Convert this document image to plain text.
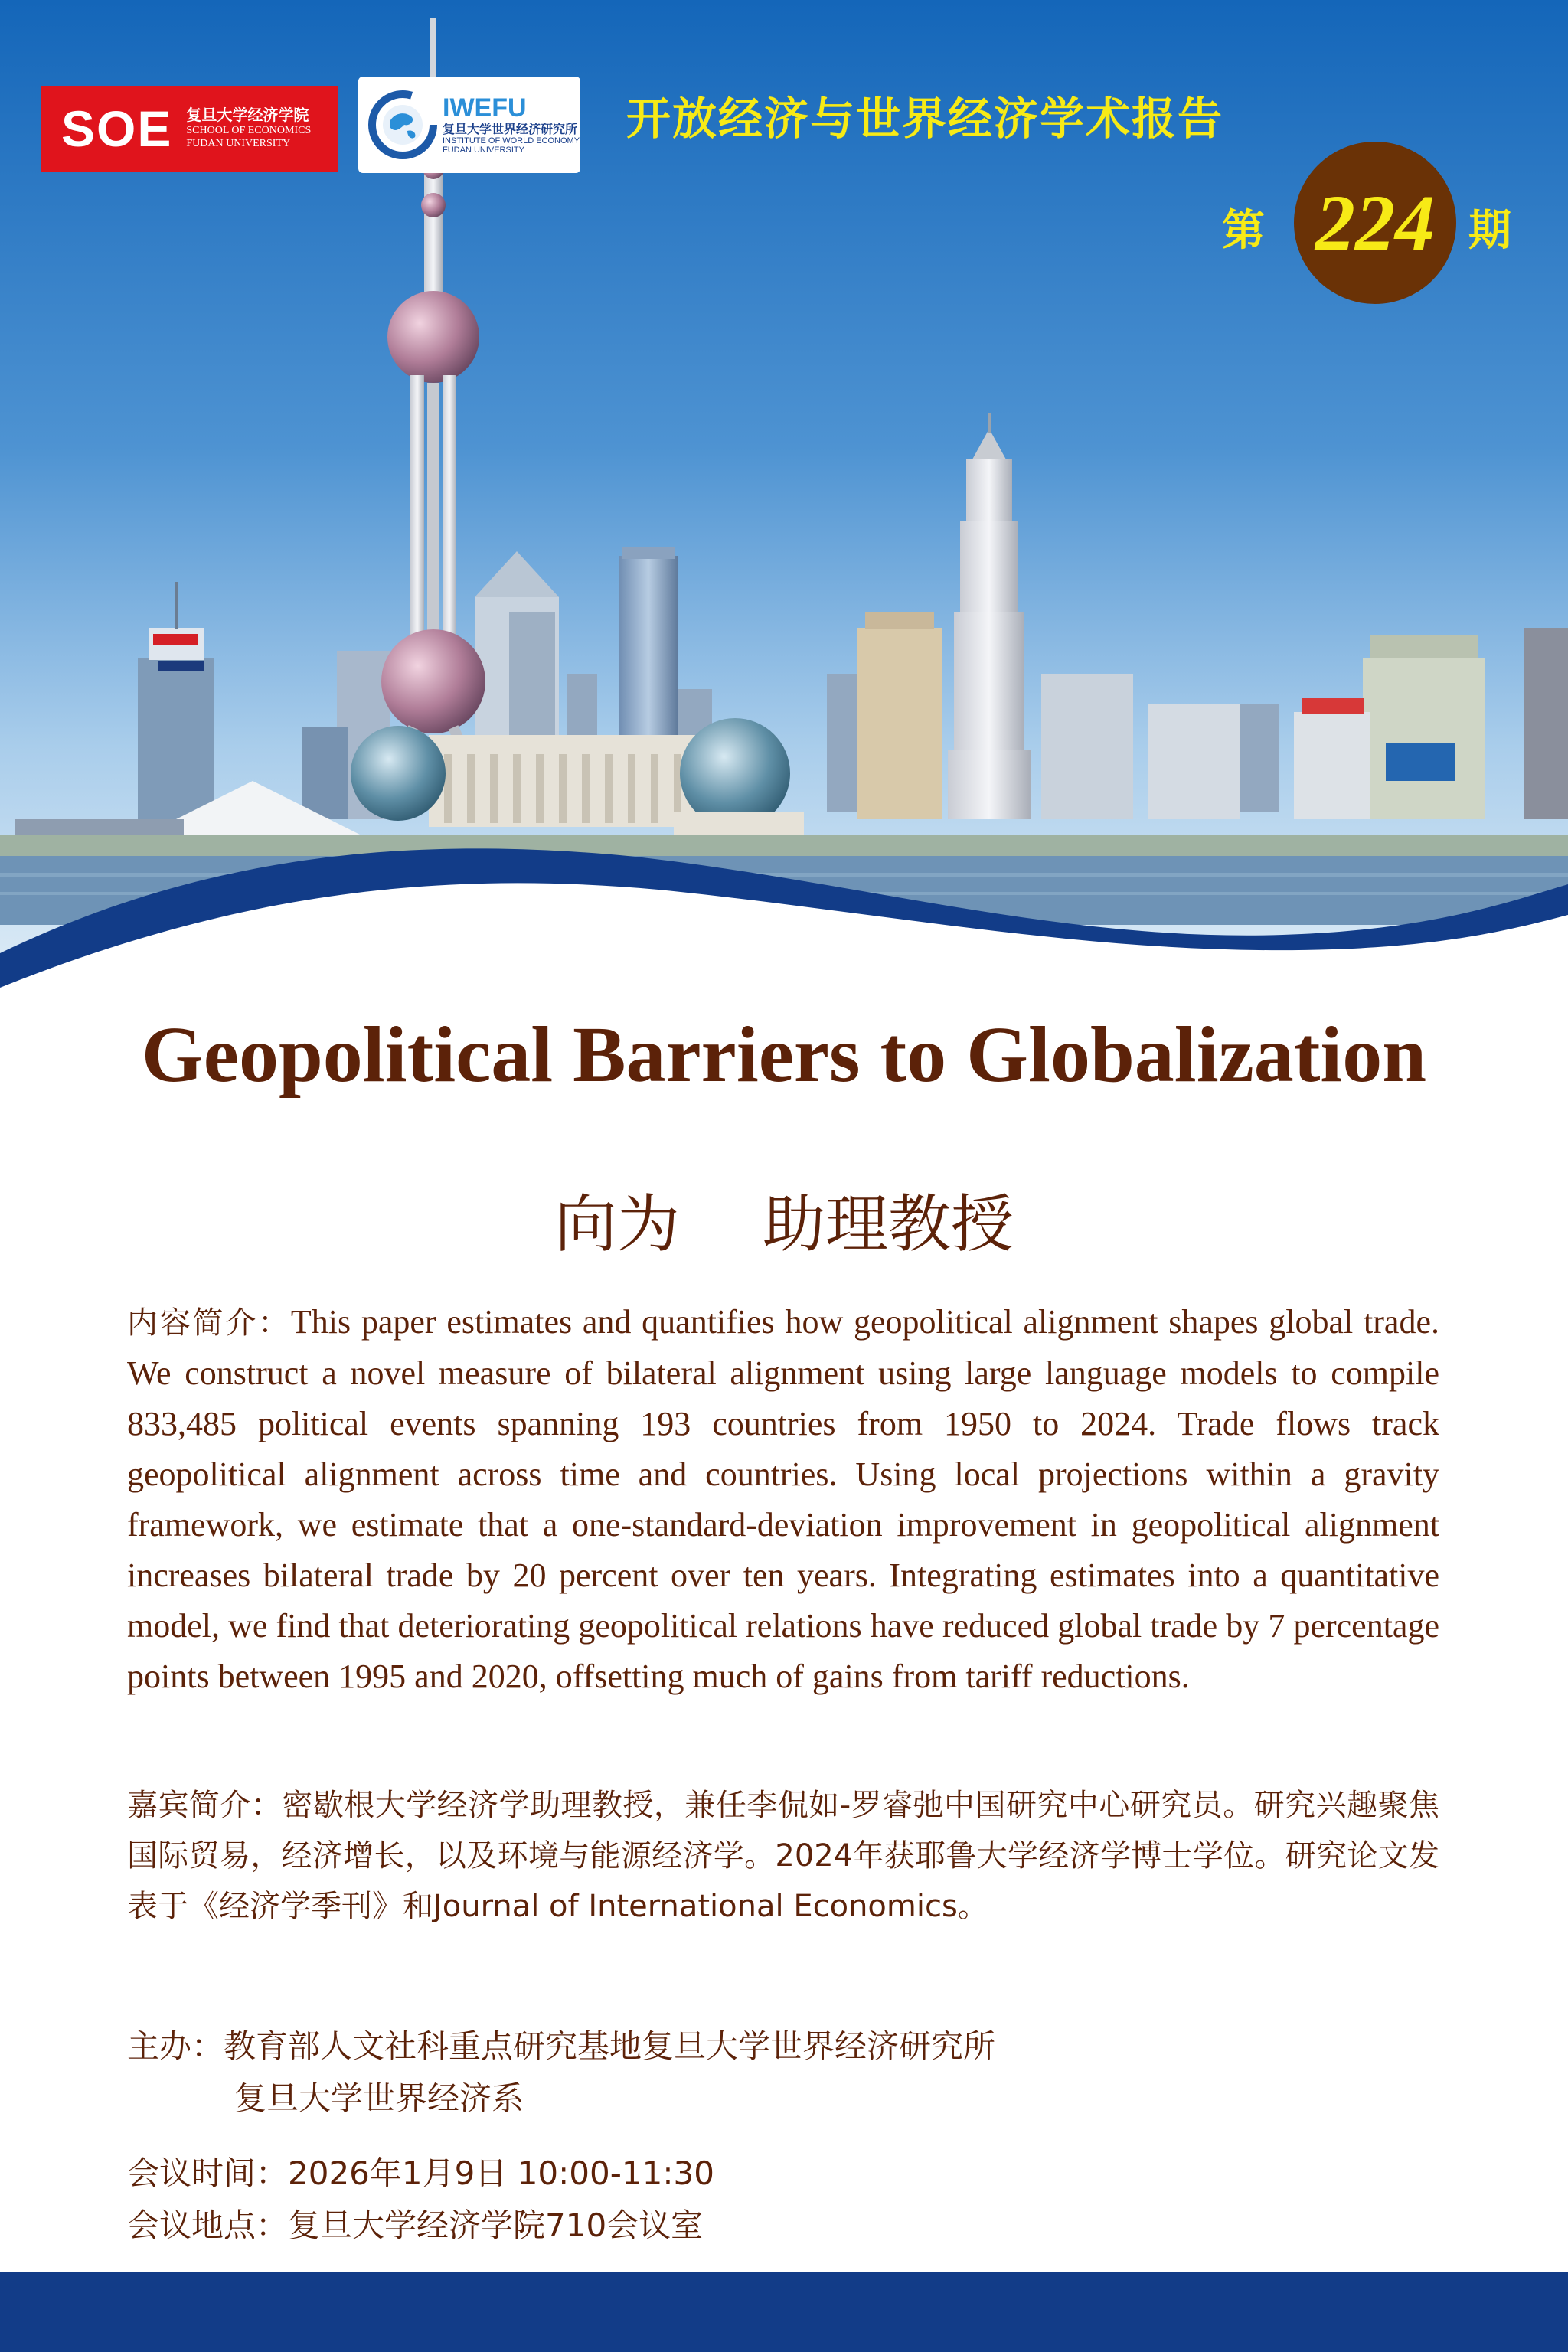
SOE 复旦大学经济学院
SCHOOL OF ECONOMICS
FUDAN UNIVERSITY
IWEFU
复旦大学世界经济研究所
INSTITUTE OF WORLD ECONOMY
FUDAN UNIVERSITY
开放经济与世界经济学术报告
第 224 期
Geopolitical Barriers to Globalization
向为　 助理教授
内容简介：This paper estimates and quantifies how geopolitical alignment shapes global trade. We construct a novel measure of bilateral alignment using large language models to compile 833,485 political events spanning 193 countries from 1950 to 2024. Trade flows track geopolitical alignment across time and countries. Using local projections within a gravity framework, we estimate that a one-standard-deviation improvement in geopolitical alignment increases bilateral trade by 20 percent over ten years. Integrating estimates into a quantitative model, we find that deteriorating geopolitical relations have reduced global trade by 7 percentage points between 1995 and 2020, offsetting much of gains from tariff reductions.
嘉宾简介：密歇根大学经济学助理教授，兼任李侃如-罗睿弛中国研究中心研究员。研究兴趣聚焦国际贸易，经济增长，以及环境与能源经济学。2024年获耶鲁大学经济学博士学位。研究论文发表于《经济学季刊》和Journal of International Economics。
主办：教育部人文社科重点研究基地复旦大学世界经济研究所
复旦大学世界经济系
会议时间：2026年1月9日 10:00-11:30
会议地点：复旦大学经济学院710会议室
